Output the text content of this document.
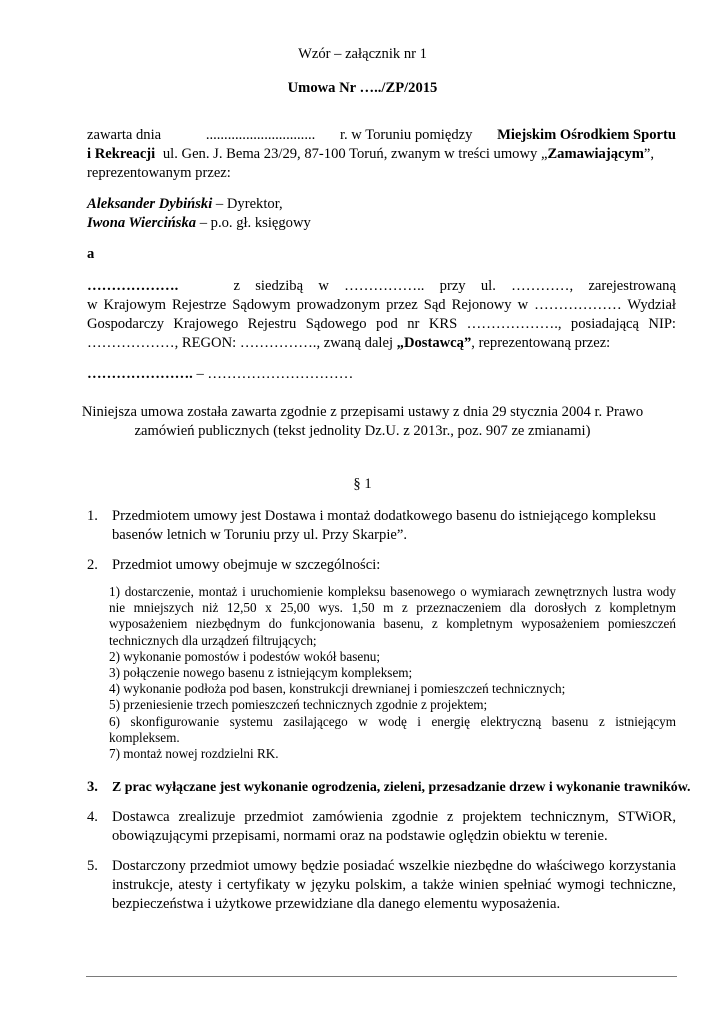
Wzór – załącznik nr 1
Umowa Nr …../ZP/2015
zawarta dnia	.............................. r. w Toruniu pomiędzy Miejskim Ośrodkiem Sportu
i Rekreacji ul. Gen. J. Bema 23/29, 87-100 Toruń, zwanym w treści umowy „Zamawiającym”,
reprezentowanym przez:
Aleksander Dybiński – Dyrektor,
Iwona Wiercińska – p.o. gł. księgowy
a
……………….	z siedzibą w …………….. przy ul. …………, zarejestrowaną
w Krajowym Rejestrze Sądowym prowadzonym przez Sąd Rejonowy w ……………… Wydział
Gospodarczy Krajowego Rejestru Sądowego pod nr KRS ………………., posiadającą NIP:
………………, REGON: ……………., zwaną dalej „Dostawcą”, reprezentowaną przez:
…………………. – …………………………
Niniejsza umowa została zawarta zgodnie z przepisami ustawy z dnia 29 stycznia 2004 r. Prawo
zamówień publicznych (tekst jednolity Dz.U. z 2013r., poz. 907 ze zmianami)
§ 1
1. Przedmiotem umowy jest Dostawa i montaż dodatkowego basenu do istniejącego kompleksu
basenów letnich w Toruniu przy ul. Przy Skarpie”.
2. Przedmiot umowy obejmuje w szczególności:
1) dostarczenie, montaż i uruchomienie kompleksu basenowego o wymiarach zewnętrznych lustra wody
nie mniejszych niż 12,50 x 25,00 wys. 1,50 m z przeznaczeniem dla dorosłych z kompletnym
wyposażeniem niezbędnym do funkcjonowania basenu, z kompletnym wyposażeniem pomieszczeń
technicznych dla urządzeń filtrujących;
2) wykonanie pomostów i podestów wokół basenu;
3) połączenie nowego basenu z istniejącym kompleksem;
4) wykonanie podłoża pod basen, konstrukcji drewnianej i pomieszczeń technicznych;
5) przeniesienie trzech pomieszczeń technicznych zgodnie z projektem;
6) skonfigurowanie systemu zasilającego w wodę i energię elektryczną basenu z istniejącym
kompleksem.
7) montaż nowej rozdzielni RK.
3. Z prac wyłączane jest wykonanie ogrodzenia, zieleni, przesadzanie drzew i wykonanie trawników.
4. Dostawca zrealizuje przedmiot zamówienia zgodnie z projektem technicznym, STWiOR,
obowiązującymi przepisami, normami oraz na podstawie oględzin obiektu w terenie.
5. Dostarczony przedmiot umowy będzie posiadać wszelkie niezbędne do właściwego korzystania
instrukcje, atesty i certyfikaty w języku polskim, a także winien spełniać wymogi techniczne,
bezpieczeństwa i użytkowe przewidziane dla danego elementu wyposażenia.
